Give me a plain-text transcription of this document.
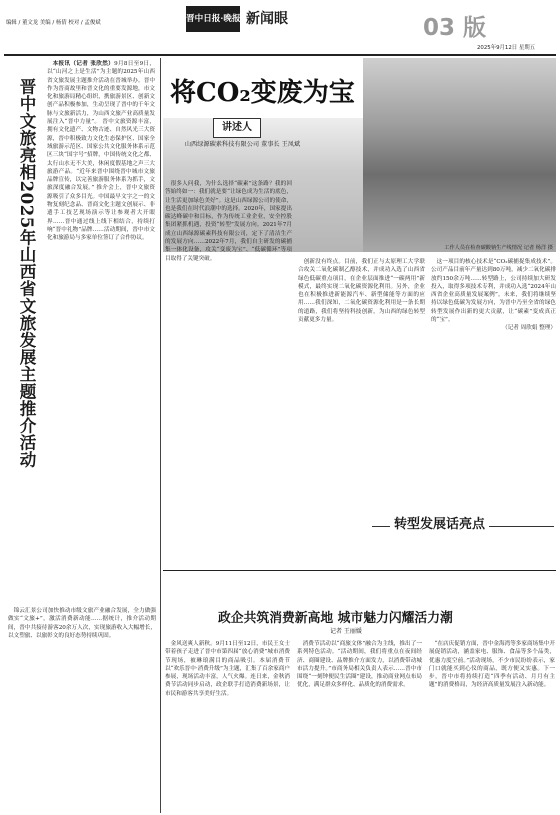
编辑 / 董文龙 美编 / 杨倩 校对 / 孟俊斌	晋中日报·晚报版
新闻眼	03 版
2025年9月12日 星期五
晋中文旅亮相2025年山西省文旅发展主题推介活动

本报讯（记者 张欣然）9月8日至9日，以“山河之上是生活”为主题的2025年山西省文旅发展主题推介活动在晋城举办。晋中作为晋商故里和晋文化的重要发源地，市文化和旅游局精心组织，携旅游景区、创新文创产品积极参加，生动呈现了晋中的千年文脉与文旅新活力，为山西文旅产业高质量发展注入“晋中力量”。 晋中文旅资源丰富，拥有文化遗产、文物古迹、自然风光三大资源，晋中积极致力文化生态保护区、国家全域旅游示范区、国家公共文化服务体系示范区三块“国字号”招牌，中国传统文化之都、太行山水无不大美，休闲度假基地之声三大旅游产品。“近年来晋中围绕晋中城市文旅品牌宣传，以完善旅游服务体系为抓手，文旅深度融合发展。” 推介会上，晋中文旅资源吸引了众多目光。中国最早文字之一的文物复刻纪念品、晋商文化主题文创展示、非遗手工技艺现场演示等让参观者大开眼界……晋中通过线上线下相结合，持续打响“晋中礼物”品牌……活动期间，晋中市文化和旅游局与多家单位签订了合作协议。

锦云汇景公司加快推动市级文旅产业融合发展，全力做强做实“文旅+”，激活消费新动能……据统计，推介活动期间，晋中共接待游客20余万人次，实现旅游收入大幅增长，以文塑旅、以旅彰文的良好态势持续巩固。

将CO₂变废为宝
讲述人
山西绿源碳素科技有限公司 董事长 王凤斌
工作人员在检查碳酸钠生产线情况 记者 杨洋 摄

很多人问我，为什么选择“碳素”这条路？我的回答始终如一：我们就是要“让绿色成为生活的底色，让生活更加绿色美好”。这是山西绿源公司的使命，也是我们在时代浪潮中的选择。2020年，国家提出碳达峰碳中和目标，作为传统工业企业，安全控股集团紧抓机遇，投资“转型”发展方向。2021年7月成立山西绿源碳素科技有限公司，定下了清洁生产的发展方向……2022年7月，我们自主研发的碳捕集一体化设备，攻关“变废为宝”、“低碳循环”等项目取得了关键突破。

创新没有终点。目前，我们正与太原理工大学联合攻关二氧化碳制乙醇技术，并成功入选了山西省绿色低碳重点项目，在企业层面推进“一碳两用”新模式，最终实现二氧化碳资源化利用。另外，企业也在积极推进新能源汽车、新型储能等方面的应用……我们深知，二氧化碳资源化利用是一条长期的道路，我们将坚持科技创新，为山西的绿色转型贡献更多力量。

这一项目的核心技术是“CO₂碳捕捉集成技术”。公司产品目前年产量达到80万吨，减少二氧化碳排放约150余万吨……转型路上，公司持续加大研发投入，取得多项技术专利，并成功入选“2024年山西省企业高质量发展案例”。未来，我们将继续坚持以绿色低碳为发展方向，为晋中乃至全省的绿色转型发展作出新的更大贡献，让“碳素”变成真正的“宝”。

（记者 周欣娟 整理）

转型发展话亮点
政企共筑消费新高地 城市魅力闪耀活力潮
记者 王丽媛

金风送爽人新秋。9月11日至12日，市民王女士带着孩子走进了晋中市第四届“放心消费”城市消费节现场，被琳琅满目的商品吸引。本届消费节以“欢乐晋中·消费升级”为主题，汇集了百余家商户参展，现场活动丰富，人气火爆。连日来，金秋消费节活动同步启动，政企联手打造消费新场景，让市民和游客共享美好生活。

消费节活动以“商旅文体”融合为主线，推出了一系列特色活动。“活动期间，我们将重点在夜间经济、商圈建设、品牌推介方面发力，以消费带动城市活力提升。”市商务局相关负责人表示……晋中市围绕“一刻钟便民生活圈”建设，推动商业网点布局优化，满足群众多样化、品质化的消费需求。

“在店庆促销方面，晋中金海湾等多家商场集中开展促销活动，涵盖家电、服饰、食品等多个品类，优惠力度空前。”活动现场，不少市民纷纷表示，家门口就能买到心仪的商品，既方便又实惠。下一步，晋中市将持续打造“四季有活动、月月有主题”的消费格局，为经济高质量发展注入新动能。
